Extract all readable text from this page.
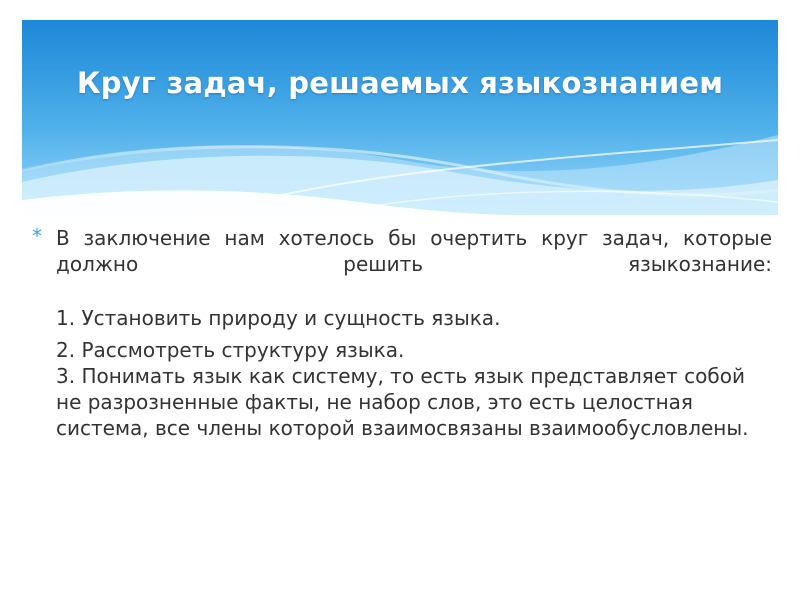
Круг задач, решаемых языкознанием
* В заключение нам хотелось бы очертить круг задач, которые должно решить языкознание:
1. Установить природу и сущность языка.
2. Рассмотреть структуру языка.
3. Понимать язык как систему, то есть язык представляет собой не разрозненные факты, не набор слов, это есть целостная система, все члены которой взаимосвязаны взаимообусловлены.
